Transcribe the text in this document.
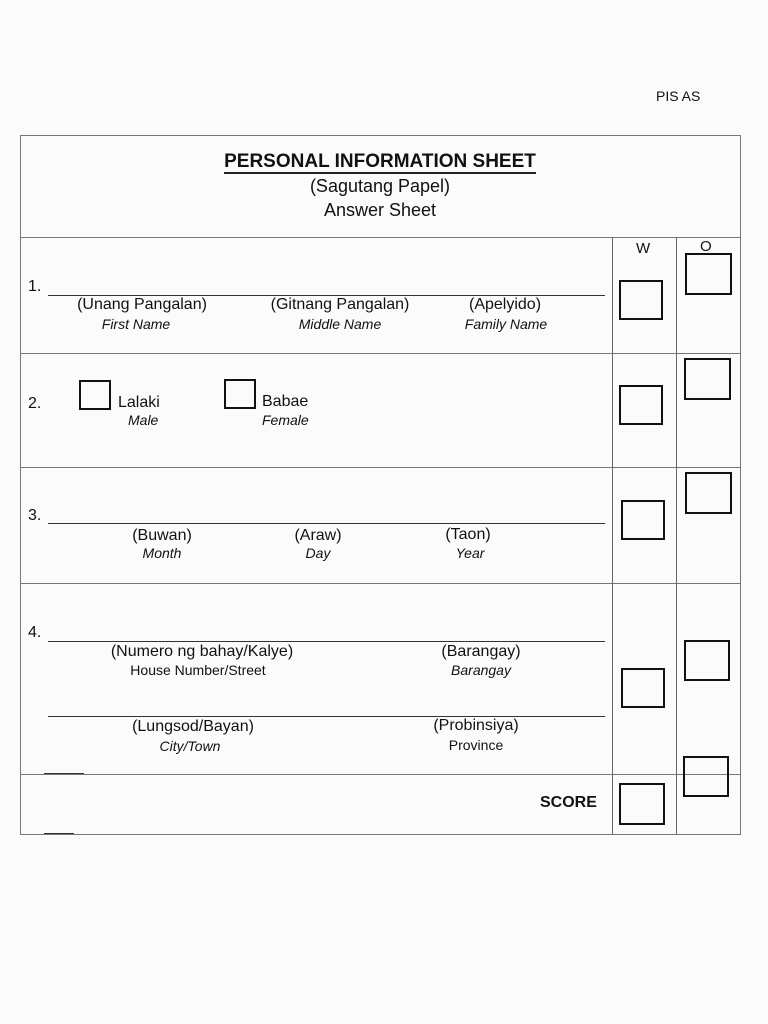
PIS AS
PERSONAL INFORMATION SHEET
(Sagutang Papel)
Answer Sheet
W	O
1.
(Unang Pangalan)
First Name
(Gitnang Pangalan)
Middle Name
(Apelyido)
Family Name
2.	Lalaki
Male
Babae
Female
3.
(Buwan)
Month
(Araw)
Day
(Taon)
Year
4.
(Numero ng bahay/Kalye)
House Number/Street
(Barangay)
Barangay
(Lungsod/Bayan)
City/Town
(Probinsiya)
Province
SCORE
